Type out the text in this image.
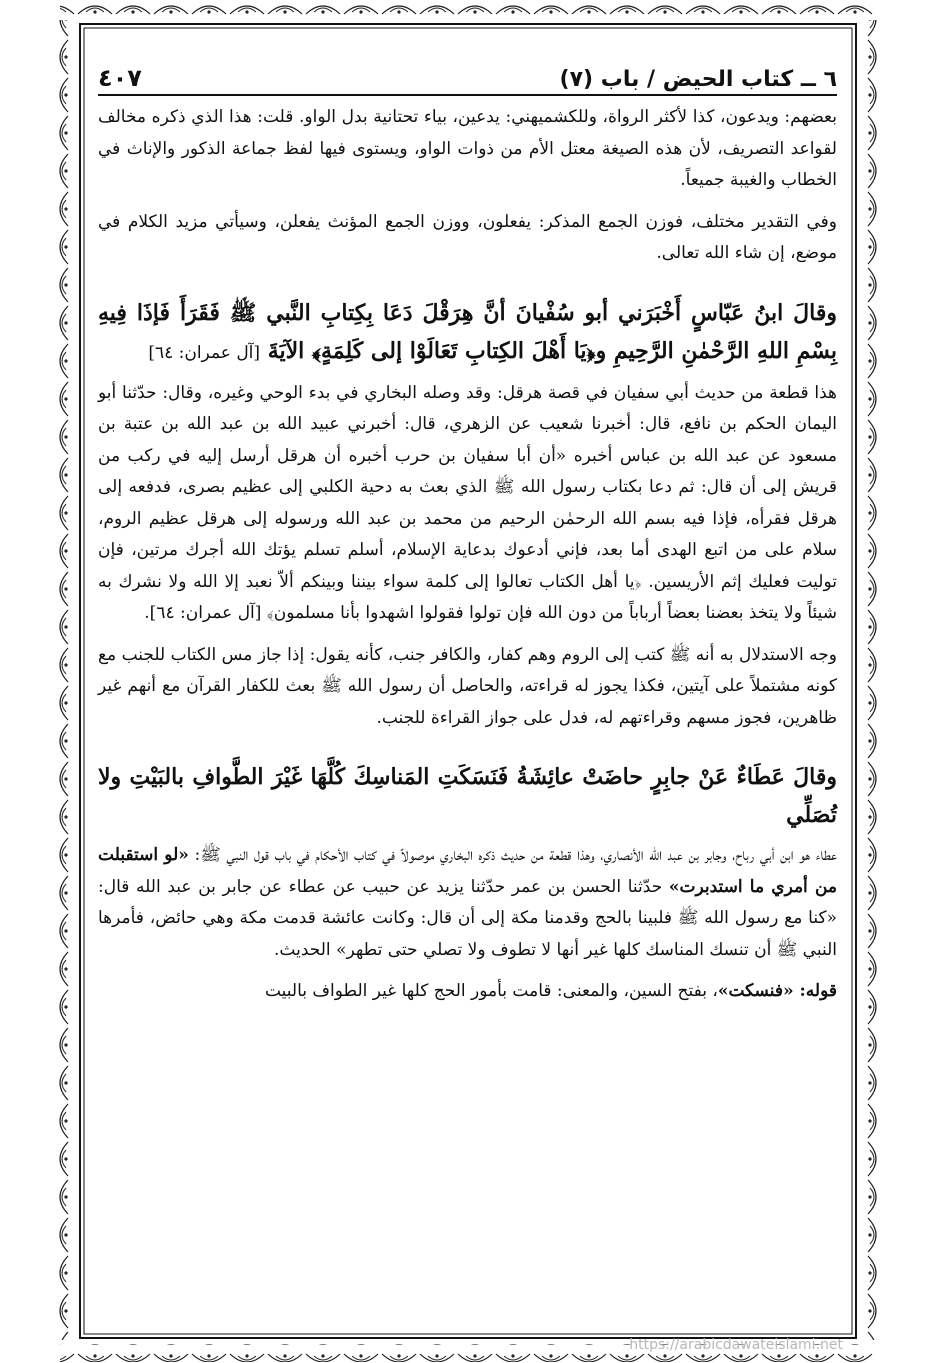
٦ ــ كتاب الحيض / باب (٧)
٤٠٧

بعضهم: ويدعون، كذا لأكثر الرواة، وللكشميهني: يدعين، بياء تحتانية بدل الواو. قلت: هذا الذي ذكره مخالف لقواعد التصريف، لأن هذه الصيغة معتل الأم من ذوات الواو، ويستوى فيها لفظ جماعة الذكور والإناث في الخطاب والغيبة جميعاً.

وفي التقدير مختلف، فوزن الجمع المذكر: يفعلون، ووزن الجمع المؤنث يفعلن، وسيأتي مزيد الكلام في موضع، إن شاء الله تعالى.

وقالَ ابنُ عَبّاسٍ أَخْبَرَني أبو سُفْيانَ أنَّ هِرَقْلَ دَعَا بِكِتابِ النَّبي ﷺ فَقَرَأَ فَإذَا فِيهِ بِسْمِ اللهِ الرَّحْمٰنِ الرَّحِيمِ و﴿يَا أَهْلَ الكِتابِ تَعَالَوْا إلى كَلِمَةٍ﴾ الآيَةَ [آل عمران: ٦٤]

هذا قطعة من حديث أبي سفيان في قصة هرقل: وقد وصله البخاري في بدء الوحي وغيره، وقال: حدّثنا أبو اليمان الحكم بن نافع، قال: أخبرنا شعيب عن الزهري، قال: أخبرني عبيد الله بن عبد الله بن عتبة بن مسعود عن عبد الله بن عباس أخبره «أن أبا سفيان بن حرب أخبره أن هرقل أرسل إليه في ركب من قريش إلى أن قال: ثم دعا بكتاب رسول الله ﷺ الذي بعث به دحية الكلبي إلى عظيم بصرى، فدفعه إلى هرقل فقرأه، فإذا فيه بسم الله الرحمٰن الرحيم من محمد بن عبد الله ورسوله إلى هرقل عظيم الروم، سلام على من اتبع الهدى أما بعد، فإني أدعوك بدعاية الإسلام، أسلم تسلم يؤتك الله أجرك مرتين، فإن توليت فعليك إثم الأريسين. ﴿يا أهل الكتاب تعالوا إلى كلمة سواء بيننا وبينكم ألاّ نعبد إلا الله ولا نشرك به شيئاً ولا يتخذ بعضنا بعضاً أرباباً من دون الله فإن تولوا فقولوا اشهدوا بأنا مسلمون﴾ [آل عمران: ٦٤].

وجه الاستدلال به أنه ﷺ كتب إلى الروم وهم كفار، والكافر جنب، كأنه يقول: إذا جاز مس الكتاب للجنب مع كونه مشتملاً على آيتين، فكذا يجوز له قراءته، والحاصل أن رسول الله ﷺ بعث للكفار القرآن مع أنهم غير ظاهرين، فجوز مسهم وقراءتهم له، فدل على جواز القراءة للجنب.

وقالَ عَطَاءٌ عَنْ جابِرٍ حاضَتْ عائِشَةُ فَنَسَكَتِ المَناسِكَ كُلَّهَا غَيْرَ الطَّوافِ بالبَيْتِ ولا تُصَلِّي

عطاء هو ابن أبي رباح، وجابر بن عبد الله الأنصاري، وهذا قطعة من حديث ذكره البخاري موصولاً في كتاب الأحكام في باب قول النبي ﷺ: «لو استقبلت من أمري ما استدبرت» حدّثنا الحسن بن عمر حدّثنا يزيد عن حبيب عن عطاء عن جابر بن عبد الله قال: «كنا مع رسول الله ﷺ فلبينا بالحج وقدمنا مكة إلى أن قال: وكانت عائشة قدمت مكة وهي حائض، فأمرها النبي ﷺ أن تنسك المناسك كلها غير أنها لا تطوف ولا تصلي حتى تطهر» الحديث.

قوله: «فنسكت»، بفتح السين، والمعنى: قامت بأمور الحج كلها غير الطواف بالبيت

https://arabicdawateislami.net
